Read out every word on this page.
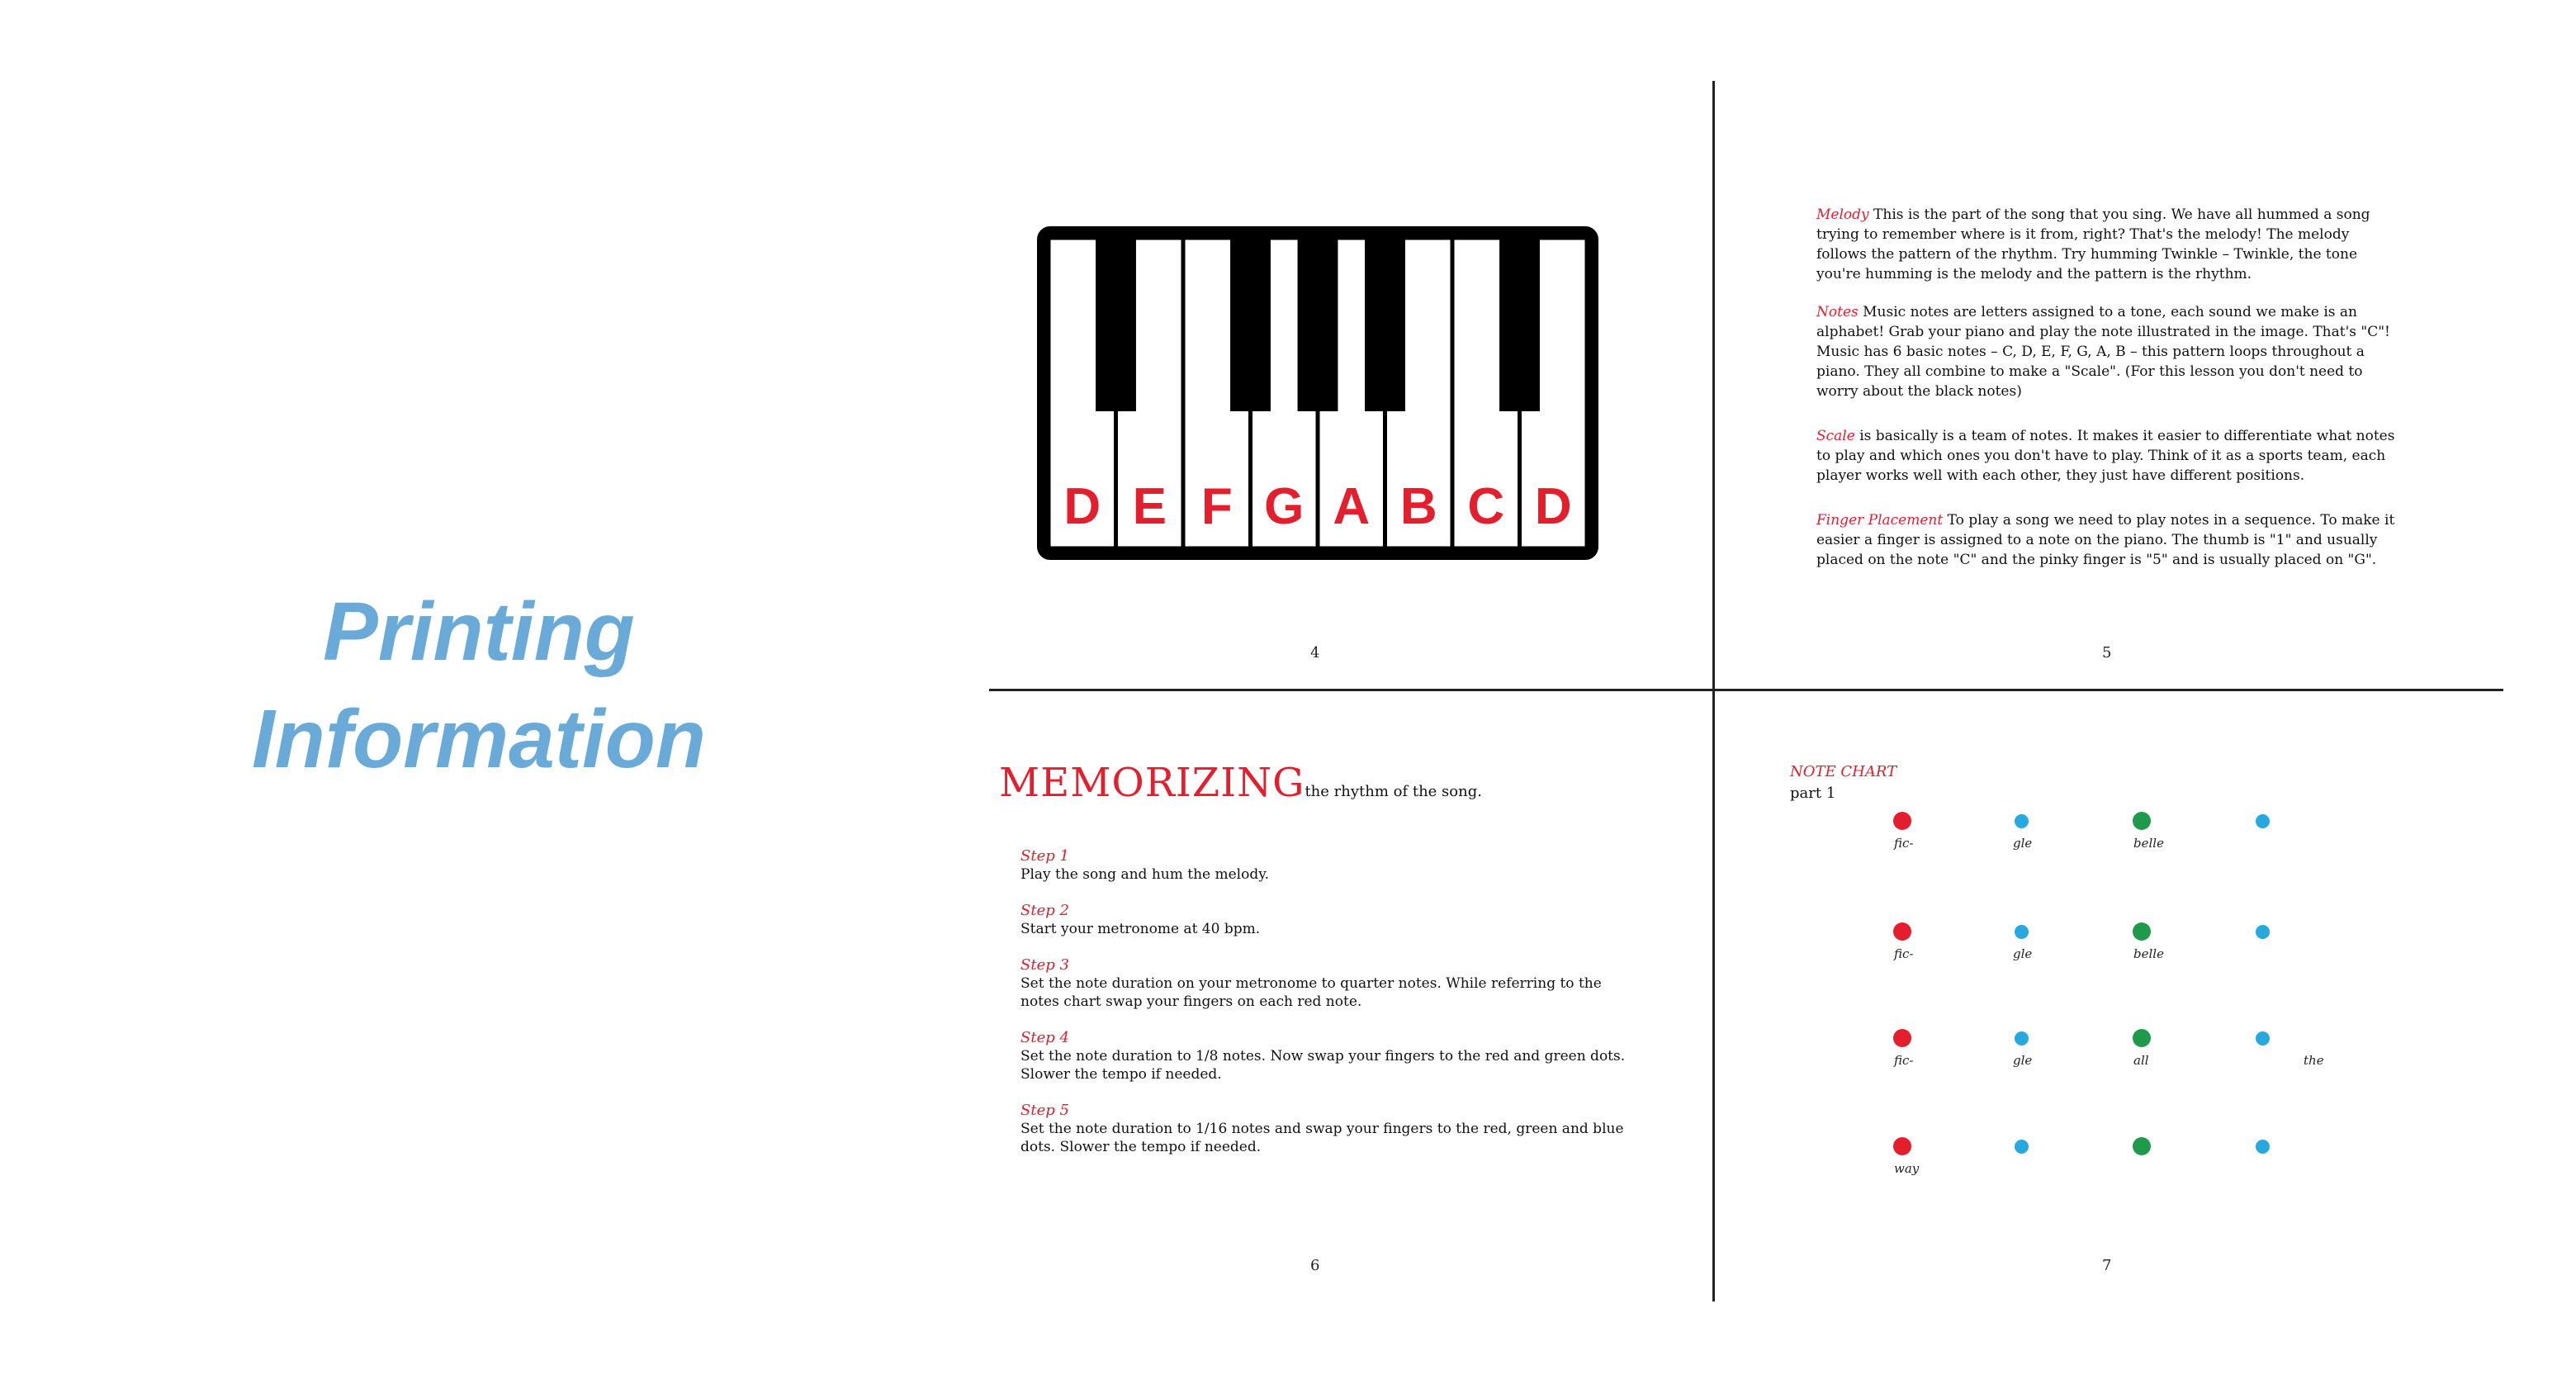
Printing
Information
D E F G A B C D
4

Melody This is the part of the song that you sing. We have all hummed a song trying to remember where is it from, right? That's the melody! The melody follows the pattern of the rhythm. Try humming Twinkle – Twinkle, the tone you're humming is the melody and the pattern is the rhythm.

Notes Music notes are letters assigned to a tone, each sound we make is an alphabet! Grab your piano and play the note illustrated in the image. That's "C"! Music has 6 basic notes – C, D, E, F, G, A, B – this pattern loops throughout a piano. They all combine to make a "Scale". (For this lesson you don't need to worry about the black notes)

Scale is basically is a team of notes. It makes it easier to differentiate what notes to play and which ones you don't have to play. Think of it as a sports team, each player works well with each other, they just have different positions.

Finger Placement To play a song we need to play notes in a sequence. To make it easier a finger is assigned to a note on the piano. The thumb is "1" and usually placed on the note "C" and the pinky finger is "5" and is usually placed on "G".

5
MEMORIZINGthe rhythm of the song.
Step 1
Play the song and hum the melody.
Step 2
Start your metronome at 40 bpm.
Step 3
Set the note duration on your metronome to quarter notes. While referring to the notes chart swap your fingers on each red note.
Step 4
Set the note duration to 1/8 notes. Now swap your fingers to the red and green dots. Slower the tempo if needed.
Step 5
Set the note duration to 1/16 notes and swap your fingers to the red, green and blue dots. Slower the tempo if needed.
6
NOTE CHART
part 1
fic-	gle	belle
fic-	gle	belle
fic-	gle	all	the
way
7
